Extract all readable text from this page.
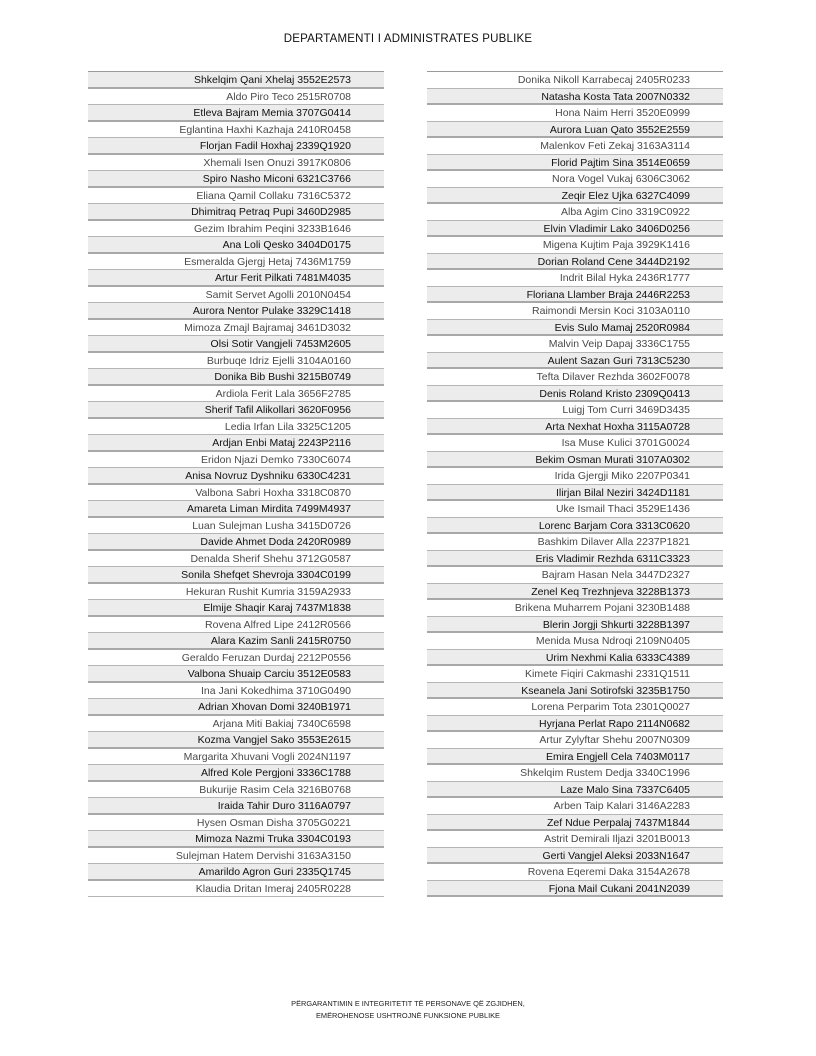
DEPARTAMENTI I ADMINISTRATES PUBLIKE
Shkelqim Qani Xhelaj 3552E2573
Aldo Piro Teco 2515R0708
Etleva Bajram Memia 3707G0414
Eglantina Haxhi Kazhaja 2410R0458
Florjan Fadil Hoxhaj 2339Q1920
Xhemali Isen Onuzi 3917K0806
Spiro Nasho Miconi 6321C3766
Eliana Qamil Collaku 7316C5372
Dhimitraq Petraq Pupi 3460D2985
Gezim Ibrahim Peqini 3233B1646
Ana Loli Qesko 3404D0175
Esmeralda Gjergj Hetaj 7436M1759
Artur Ferit Pilkati 7481M4035
Samit Servet Agolli 2010N0454
Aurora Nentor Pulake 3329C1418
Mimoza Zmajl Bajramaj 3461D3032
Olsi Sotir Vangjeli 7453M2605
Burbuqe Idriz Ejelli 3104A0160
Donika Bib Bushi 3215B0749
Ardiola Ferit Lala 3656F2785
Sherif Tafil Alikollari 3620F0956
Ledia Irfan Lila 3325C1205
Ardjan Enbi Mataj 2243P2116
Eridon Njazi Demko 7330C6074
Anisa Novruz Dyshniku 6330C4231
Valbona Sabri Hoxha 3318C0870
Amareta Liman Mirdita 7499M4937
Luan Sulejman Lusha 3415D0726
Davide Ahmet Doda 2420R0989
Denalda Sherif Shehu 3712G0587
Sonila Shefqet Shevroja 3304C0199
Hekuran Rushit Kumria 3159A2933
Elmije Shaqir Karaj 7437M1838
Rovena Alfred Lipe 2412R0566
Alara Kazim Sanli 2415R0750
Geraldo Feruzan Durdaj 2212P0556
Valbona Shuaip Carciu 3512E0583
Ina Jani Kokedhima 3710G0490
Adrian Xhovan Domi 3240B1971
Arjana Miti Bakiaj 7340C6598
Kozma Vangjel Sako 3553E2615
Margarita Xhuvani Vogli 2024N1197
Alfred Kole Pergjoni 3336C1788
Bukurije Rasim Cela 3216B0768
Iraida Tahir Duro 3116A0797
Hysen Osman Disha 3705G0221
Mimoza Nazmi Truka 3304C0193
Sulejman Hatem Dervishi 3163A3150
Amarildo Agron Guri 2335Q1745
Klaudia Dritan Imeraj 2405R0228
Donika Nikoll Karrabecaj 2405R0233
Natasha Kosta Tata 2007N0332
Hona Naim Herri 3520E0999
Aurora Luan Qato 3552E2559
Malenkov Feti Zekaj 3163A3114
Florid Pajtim Sina 3514E0659
Nora Vogel Vukaj 6306C3062
Zeqir Elez Ujka 6327C4099
Alba Agim Cino 3319C0922
Elvin Vladimir Lako 3406D0256
Migena Kujtim Paja 3929K1416
Dorian Roland Cene 3444D2192
Indrit Bilal Hyka 2436R1777
Floriana Llamber Braja 2446R2253
Raimondi Mersin Koci 3103A0110
Evis Sulo Mamaj 2520R0984
Malvin Veip Dapaj 3336C1755
Aulent Sazan Guri 7313C5230
Tefta Dilaver Rezhda 3602F0078
Denis Roland Kristo 2309Q0413
Luigj Tom Curri 3469D3435
Arta Nexhat Hoxha 3115A0728
Isa Muse Kulici 3701G0024
Bekim Osman Murati 3107A0302
Irida Gjergji Miko 2207P0341
Ilirjan Bilal Neziri 3424D1181
Uke Ismail Thaci 3529E1436
Lorenc Barjam Cora 3313C0620
Bashkim Dilaver Alla 2237P1821
Eris Vladimir Rezhda 6311C3323
Bajram Hasan Nela 3447D2327
Zenel Keq Trezhnjeva 3228B1373
Brikena Muharrem Pojani 3230B1488
Blerin Jorgji Shkurti 3228B1397
Menida Musa Ndroqi 2109N0405
Urim Nexhmi Kalia 6333C4389
Kimete Fiqiri Cakmashi 2331Q1511
Kseanela Jani Sotirofski 3235B1750
Lorena Perparim Tota 2301Q0027
Hyrjana Perlat Rapo 2114N0682
Artur Zylyftar Shehu 2007N0309
Emira Engjell Cela 7403M0117
Shkelqim Rustem Dedja 3340C1996
Laze Malo Sina 7337C6405
Arben Taip Kalari 3146A2283
Zef Ndue Perpalaj 7437M1844
Astrit Demirali Iljazi 3201B0013
Gerti Vangjel Aleksi 2033N1647
Rovena Eqeremi Daka 3154A2678
Fjona Mail Cukani 2041N2039
PËRGARANTIMIN E INTEGRITETIT TË PERSONAVE QË ZGJIDHEN,
EMËROHENOSE USHTROJNË FUNKSIONE PUBLIKE
